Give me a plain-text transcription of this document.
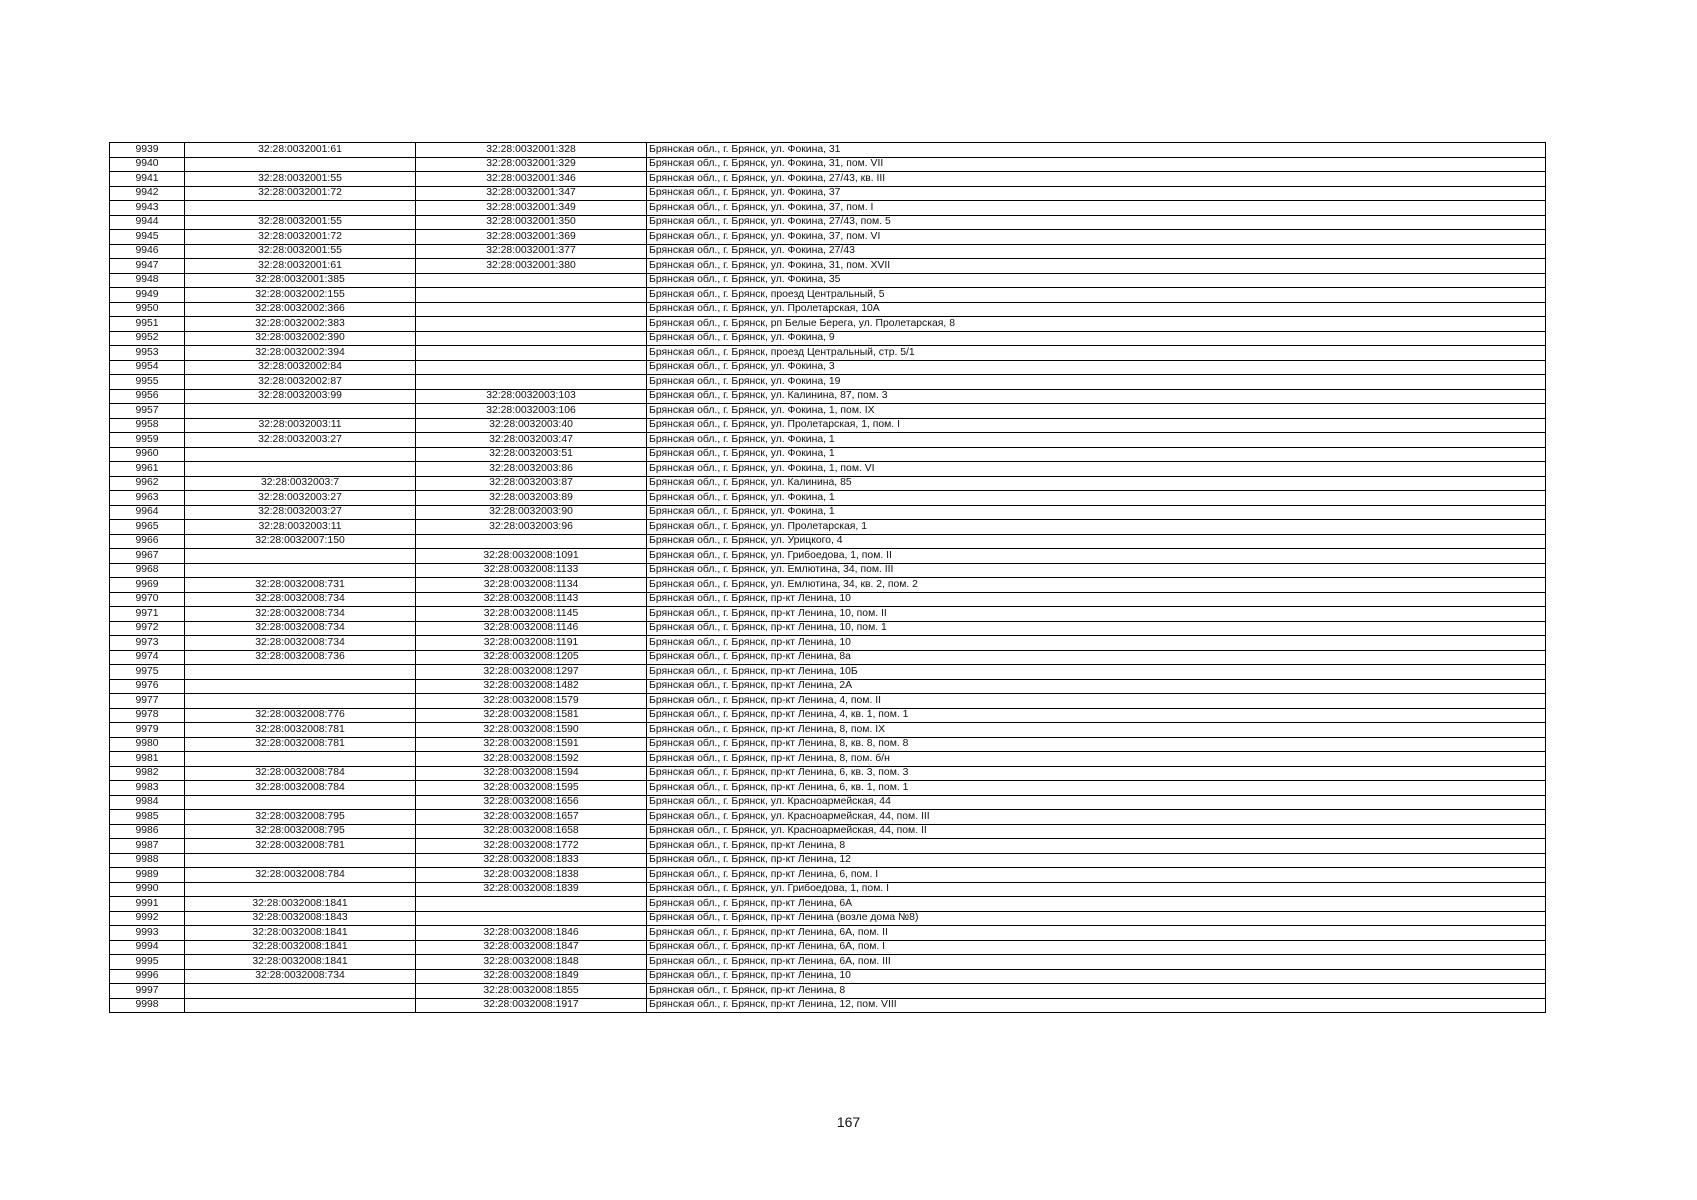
9939	32:28:0032001:61	32:28:0032001:328	Брянская обл., г. Брянск, ул. Фокина, 31
9940		32:28:0032001:329	Брянская обл., г. Брянск, ул. Фокина, 31, пом. VII
9941	32:28:0032001:55	32:28:0032001:346	Брянская обл., г. Брянск, ул. Фокина, 27/43, кв. III
9942	32:28:0032001:72	32:28:0032001:347	Брянская обл., г. Брянск, ул. Фокина, 37
9943		32:28:0032001:349	Брянская обл., г. Брянск, ул. Фокина, 37, пом. I
9944	32:28:0032001:55	32:28:0032001:350	Брянская обл., г. Брянск, ул. Фокина, 27/43, пом. 5
9945	32:28:0032001:72	32:28:0032001:369	Брянская обл., г. Брянск, ул. Фокина, 37, пом. VI
9946	32:28:0032001:55	32:28:0032001:377	Брянская обл., г. Брянск, ул. Фокина, 27/43
9947	32:28:0032001:61	32:28:0032001:380	Брянская обл., г. Брянск, ул. Фокина, 31, пом. XVII
9948	32:28:0032001:385		Брянская обл., г. Брянск, ул. Фокина, 35
9949	32:28:0032002:155		Брянская обл., г. Брянск, проезд Центральный, 5
9950	32:28:0032002:366		Брянская обл., г. Брянск, ул. Пролетарская, 10А
9951	32:28:0032002:383		Брянская обл., г. Брянск, рп Белые Берега, ул. Пролетарская, 8
9952	32:28:0032002:390		Брянская обл., г. Брянск, ул. Фокина, 9
9953	32:28:0032002:394		Брянская обл., г. Брянск, проезд Центральный, стр. 5/1
9954	32:28:0032002:84		Брянская обл., г. Брянск, ул. Фокина, 3
9955	32:28:0032002:87		Брянская обл., г. Брянск, ул. Фокина, 19
9956	32:28:0032003:99	32:28:0032003:103	Брянская обл., г. Брянск, ул. Калинина, 87, пом. 3
9957		32:28:0032003:106	Брянская обл., г. Брянск, ул. Фокина, 1, пом. IX
9958	32:28:0032003:11	32:28:0032003:40	Брянская обл., г. Брянск, ул. Пролетарская, 1, пом. I
9959	32:28:0032003:27	32:28:0032003:47	Брянская обл., г. Брянск, ул. Фокина, 1
9960		32:28:0032003:51	Брянская обл., г. Брянск, ул. Фокина, 1
9961		32:28:0032003:86	Брянская обл., г. Брянск, ул. Фокина, 1, пом. VI
9962	32:28:0032003:7	32:28:0032003:87	Брянская обл., г. Брянск, ул. Калинина, 85
9963	32:28:0032003:27	32:28:0032003:89	Брянская обл., г. Брянск, ул. Фокина, 1
9964	32:28:0032003:27	32:28:0032003:90	Брянская обл., г. Брянск, ул. Фокина, 1
9965	32:28:0032003:11	32:28:0032003:96	Брянская обл., г. Брянск, ул. Пролетарская, 1
9966	32:28:0032007:150		Брянская обл., г. Брянск, ул. Урицкого, 4
9967		32:28:0032008:1091	Брянская обл., г. Брянск, ул. Грибоедова, 1, пом. II
9968		32:28:0032008:1133	Брянская обл., г. Брянск, ул. Емлютина, 34, пом. III
9969	32:28:0032008:731	32:28:0032008:1134	Брянская обл., г. Брянск, ул. Емлютина, 34, кв. 2, пом. 2
9970	32:28:0032008:734	32:28:0032008:1143	Брянская обл., г. Брянск, пр-кт Ленина, 10
9971	32:28:0032008:734	32:28:0032008:1145	Брянская обл., г. Брянск, пр-кт Ленина, 10, пом. II
9972	32:28:0032008:734	32:28:0032008:1146	Брянская обл., г. Брянск, пр-кт Ленина, 10, пом. 1
9973	32:28:0032008:734	32:28:0032008:1191	Брянская обл., г. Брянск, пр-кт Ленина, 10
9974	32:28:0032008:736	32:28:0032008:1205	Брянская обл., г. Брянск, пр-кт Ленина, 8а
9975		32:28:0032008:1297	Брянская обл., г. Брянск, пр-кт Ленина, 10Б
9976		32:28:0032008:1482	Брянская обл., г. Брянск, пр-кт Ленина, 2А
9977		32:28:0032008:1579	Брянская обл., г. Брянск, пр-кт Ленина, 4, пом. II
9978	32:28:0032008:776	32:28:0032008:1581	Брянская обл., г. Брянск, пр-кт Ленина, 4, кв. 1, пом. 1
9979	32:28:0032008:781	32:28:0032008:1590	Брянская обл., г. Брянск, пр-кт Ленина, 8, пом. IX
9980	32:28:0032008:781	32:28:0032008:1591	Брянская обл., г. Брянск, пр-кт Ленина, 8, кв. 8, пом. 8
9981		32:28:0032008:1592	Брянская обл., г. Брянск, пр-кт Ленина, 8, пом. б/н
9982	32:28:0032008:784	32:28:0032008:1594	Брянская обл., г. Брянск, пр-кт Ленина, 6, кв. 3, пом. 3
9983	32:28:0032008:784	32:28:0032008:1595	Брянская обл., г. Брянск, пр-кт Ленина, 6, кв. 1, пом. 1
9984		32:28:0032008:1656	Брянская обл., г. Брянск, ул. Красноармейская, 44
9985	32:28:0032008:795	32:28:0032008:1657	Брянская обл., г. Брянск, ул. Красноармейская, 44, пом. III
9986	32:28:0032008:795	32:28:0032008:1658	Брянская обл., г. Брянск, ул. Красноармейская, 44, пом. II
9987	32:28:0032008:781	32:28:0032008:1772	Брянская обл., г. Брянск, пр-кт Ленина, 8
9988		32:28:0032008:1833	Брянская обл., г. Брянск, пр-кт Ленина, 12
9989	32:28:0032008:784	32:28:0032008:1838	Брянская обл., г. Брянск, пр-кт Ленина, 6, пом. I
9990		32:28:0032008:1839	Брянская обл., г. Брянск, ул. Грибоедова, 1, пом. I
9991	32:28:0032008:1841		Брянская обл., г. Брянск, пр-кт Ленина, 6А
9992	32:28:0032008:1843		Брянская обл., г. Брянск, пр-кт Ленина (возле дома №8)
9993	32:28:0032008:1841	32:28:0032008:1846	Брянская обл., г. Брянск, пр-кт Ленина, 6А, пом. II
9994	32:28:0032008:1841	32:28:0032008:1847	Брянская обл., г. Брянск, пр-кт Ленина, 6А, пом. I
9995	32:28:0032008:1841	32:28:0032008:1848	Брянская обл., г. Брянск, пр-кт Ленина, 6А, пом. III
9996	32:28:0032008:734	32:28:0032008:1849	Брянская обл., г. Брянск, пр-кт Ленина, 10
9997		32:28:0032008:1855	Брянская обл., г. Брянск, пр-кт Ленина, 8
9998		32:28:0032008:1917	Брянская обл., г. Брянск, пр-кт Ленина, 12, пом. VIII
167
